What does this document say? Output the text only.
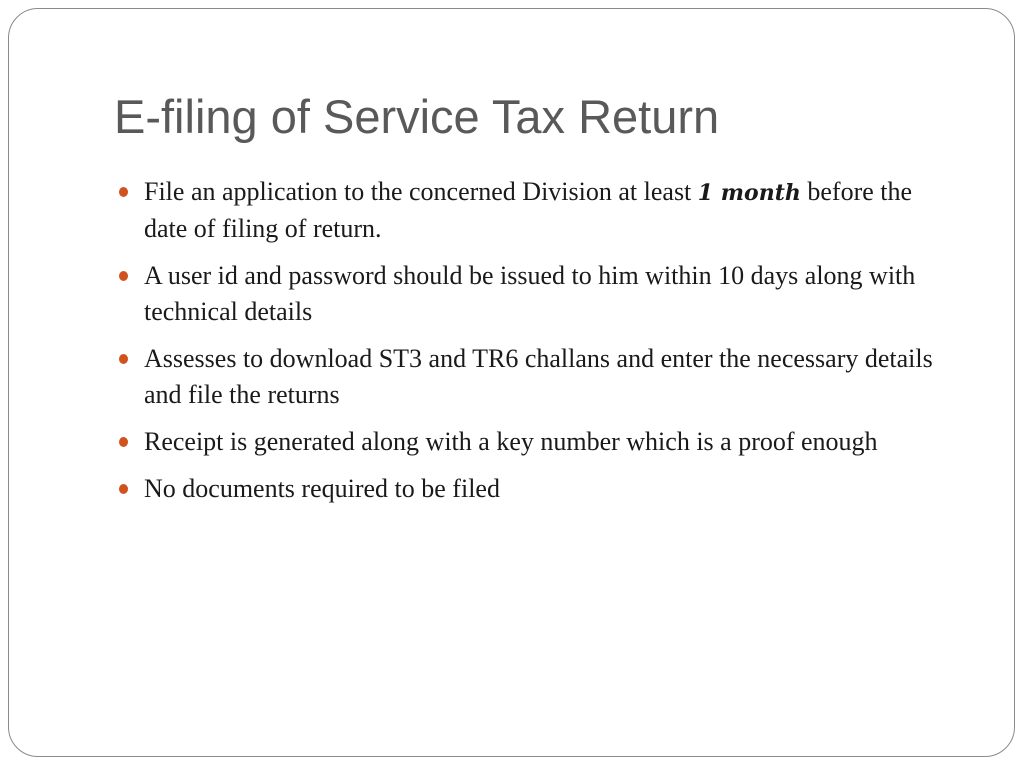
E-filing of Service Tax Return
File an application to the concerned Division at least 1 month before the date of filing of return.
A user id and password should be issued to him within 10 days along with technical details
Assesses to download ST3 and TR6 challans and enter the necessary details and file the returns
Receipt is generated along with a key number which is a proof enough
No documents required to be filed
